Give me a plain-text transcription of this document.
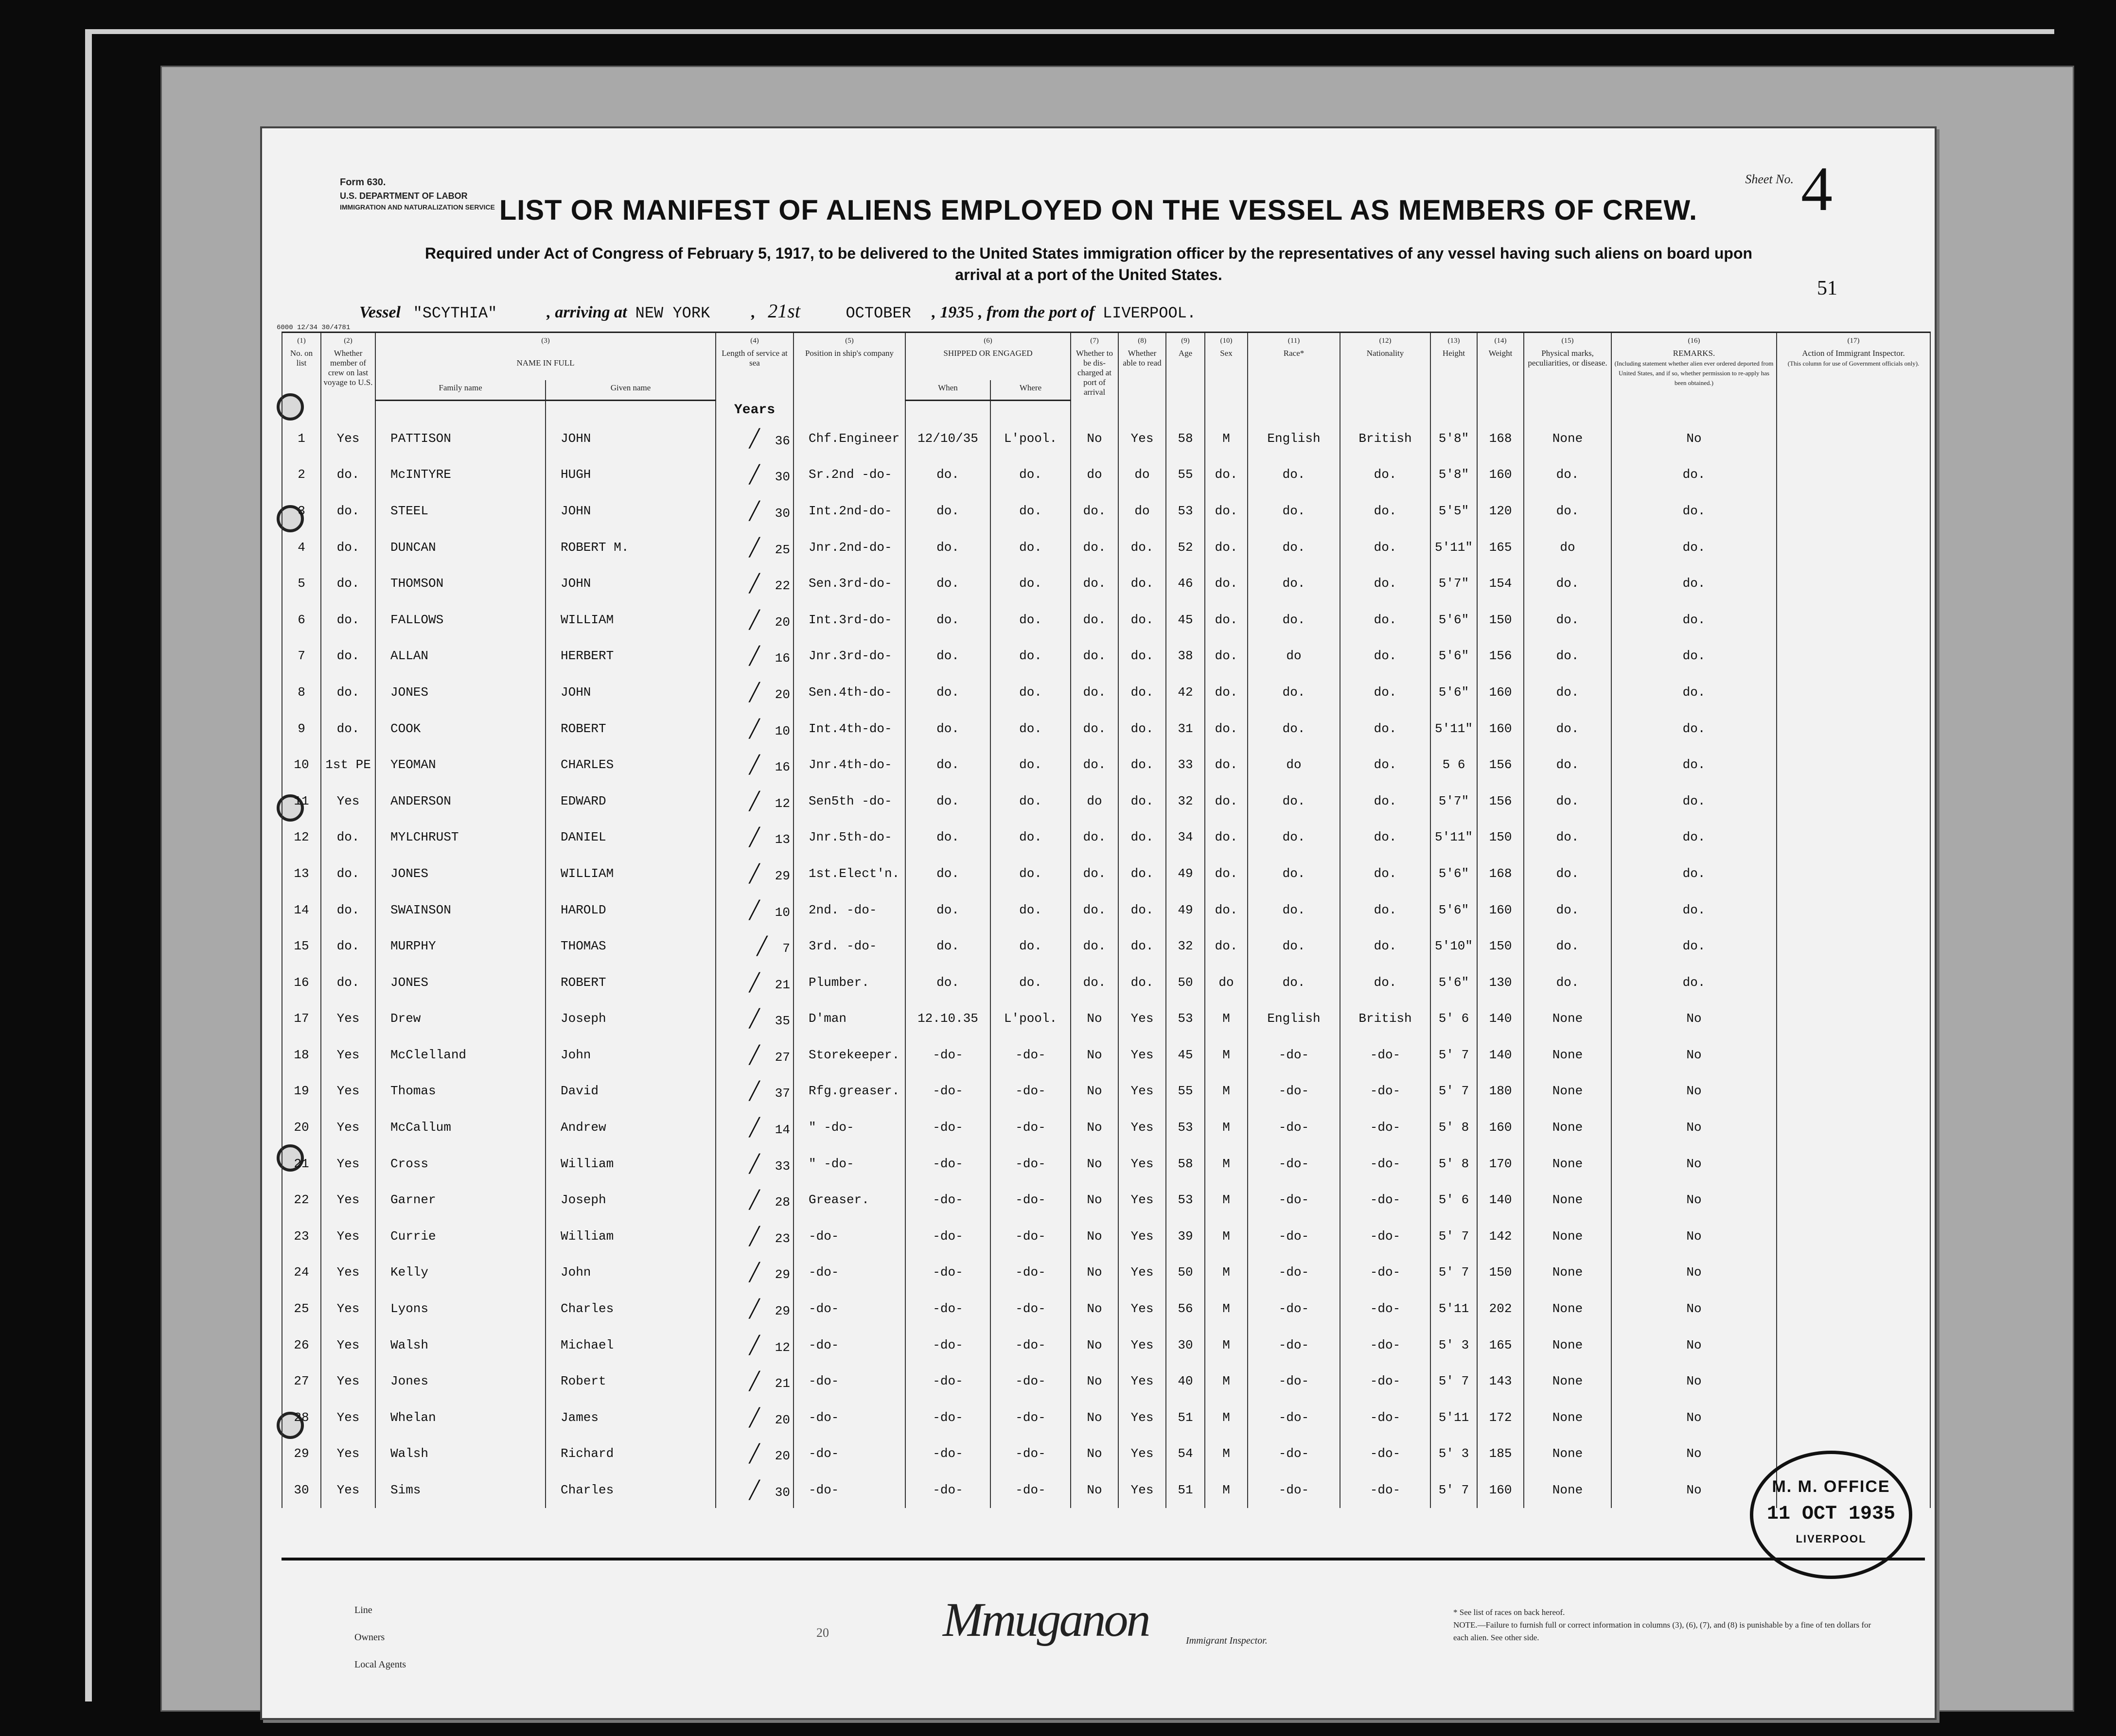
Form 630.
U.S. DEPARTMENT OF LABOR
IMMIGRATION AND NATURALIZATION SERVICE
Sheet No. 4
LIST OR MANIFEST OF ALIENS EMPLOYED ON THE VESSEL AS MEMBERS OF CREW.
Required under Act of Congress of February 5, 1917, to be delivered to the United States immigration officer by the representatives of any vessel having such aliens on board upon arrival at a port of the United States.
51
Vessel "SCYTHIA"	, arriving at NEW YORK          ,   21st	OCTOBER , 1935 , from the port of LIVERPOOL.
6000 12/34 30/4781
(1)
No. on list	(2)
Whether member of crew on last voyage to U.S.	(3)

NAME IN FULL		(4)
Length of service at sea	(5)
Position in ship's company	(6)
SHIPPED OR ENGAGED		(7)
Whether to be dis-charged at port of arrival	(8)
Whether able to read	(9)
Age	(10)
Sex	(11)
Race*	(12)
Nationality	(13)
Height	(14)
Weight	(15)
Physical marks, peculiarities, or disease.	(16)
REMARKS.
(Including statement whether alien ever ordered deported from United States, and if so, whether permission to re-apply has been obtained.)	(17)
Action of Immigrant Inspector.
(This column for use of Government officials only).
		Family name	Given name			When	Where											
				Years														
1	Yes	PATTISON	JOHN	╱ 36	Chf.Engineer	12/10/35	L'pool.	No	Yes	58	M	English	British	5'8"	168	None	No	
2	do.	McINTYRE	HUGH	╱ 30	Sr.2nd -do-	do.	do.	do	do	55	do.	do.	do.	5'8"	160	do.	do.	
3	do.	STEEL	JOHN	╱ 30	Int.2nd-do-	do.	do.	do.	do	53	do.	do.	do.	5'5"	120	do.	do.	
4	do.	DUNCAN	ROBERT M.	╱ 25	Jnr.2nd-do-	do.	do.	do.	do.	52	do.	do.	do.	5'11"	165	do	do.	
5	do.	THOMSON	JOHN	╱ 22	Sen.3rd-do-	do.	do.	do.	do.	46	do.	do.	do.	5'7"	154	do.	do.	
6	do.	FALLOWS	WILLIAM	╱ 20	Int.3rd-do-	do.	do.	do.	do.	45	do.	do.	do.	5'6"	150	do.	do.	
7	do.	ALLAN	HERBERT	╱ 16	Jnr.3rd-do-	do.	do.	do.	do.	38	do.	do	do.	5'6"	156	do.	do.	
8	do.	JONES	JOHN	╱ 20	Sen.4th-do-	do.	do.	do.	do.	42	do.	do.	do.	5'6"	160	do.	do.	
9	do.	COOK	ROBERT	╱ 10	Int.4th-do-	do.	do.	do.	do.	31	do.	do.	do.	5'11"	160	do.	do.	
10	1st PE	YEOMAN	CHARLES	╱ 16	Jnr.4th-do-	do.	do.	do.	do.	33	do.	do	do.	5 6	156	do.	do.	
11	Yes	ANDERSON	EDWARD	╱ 12	Sen5th -do-	do.	do.	do	do.	32	do.	do.	do.	5'7"	156	do.	do.	
12	do.	MYLCHRUST	DANIEL	╱ 13	Jnr.5th-do-	do.	do.	do.	do.	34	do.	do.	do.	5'11"	150	do.	do.	
13	do.	JONES	WILLIAM	╱ 29	1st.Elect'n.	do.	do.	do.	do.	49	do.	do.	do.	5'6"	168	do.	do.	
14	do.	SWAINSON	HAROLD	╱ 10	2nd. -do-	do.	do.	do.	do.	49	do.	do.	do.	5'6"	160	do.	do.	
15	do.	MURPHY	THOMAS	╱ 7	3rd. -do-	do.	do.	do.	do.	32	do.	do.	do.	5'10"	150	do.	do.	
16	do.	JONES	ROBERT	╱ 21	Plumber.	do.	do.	do.	do.	50	do	do.	do.	5'6"	130	do.	do.	
17	Yes	Drew	Joseph	╱ 35	D'man	12.10.35	L'pool.	No	Yes	53	M	English	British	5' 6	140	None	No	
18	Yes	McClelland	John	╱ 27	Storekeeper.	-do-	-do-	No	Yes	45	M	-do-	-do-	5' 7	140	None	No	
19	Yes	Thomas	David	╱ 37	Rfg.greaser.	-do-	-do-	No	Yes	55	M	-do-	-do-	5' 7	180	None	No	
20	Yes	McCallum	Andrew	╱ 14	" -do-	-do-	-do-	No	Yes	53	M	-do-	-do-	5' 8	160	None	No	
21	Yes	Cross	William	╱ 33	" -do-	-do-	-do-	No	Yes	58	M	-do-	-do-	5' 8	170	None	No	
22	Yes	Garner	Joseph	╱ 28	Greaser.	-do-	-do-	No	Yes	53	M	-do-	-do-	5' 6	140	None	No	
23	Yes	Currie	William	╱ 23	-do-	-do-	-do-	No	Yes	39	M	-do-	-do-	5' 7	142	None	No	
24	Yes	Kelly	John	╱ 29	-do-	-do-	-do-	No	Yes	50	M	-do-	-do-	5' 7	150	None	No	
25	Yes	Lyons	Charles	╱ 29	-do-	-do-	-do-	No	Yes	56	M	-do-	-do-	5'11	202	None	No	
26	Yes	Walsh	Michael	╱ 12	-do-	-do-	-do-	No	Yes	30	M	-do-	-do-	5' 3	165	None	No	
27	Yes	Jones	Robert	╱ 21	-do-	-do-	-do-	No	Yes	40	M	-do-	-do-	5' 7	143	None	No	
28	Yes	Whelan	James	╱ 20	-do-	-do-	-do-	No	Yes	51	M	-do-	-do-	5'11	172	None	No	
29	Yes	Walsh	Richard	╱ 20	-do-	-do-	-do-	No	Yes	54	M	-do-	-do-	5' 3	185	None	No	
30	Yes	Sims	Charles	╱ 30	-do-	-do-	-do-	No	Yes	51	M	-do-	-do-	5' 7	160	None	No		M. M. OFFICE
11 OCT 1935
LIVERPOOL
Line
Owners
Local Agents
20 Mmuganon	Immigrant Inspector.
* See list of races on back hereof.
NOTE.—Failure to furnish full or correct information in columns (3), (6), (7), and (8) is punishable by a fine of ten dollars for each alien. See other side.
